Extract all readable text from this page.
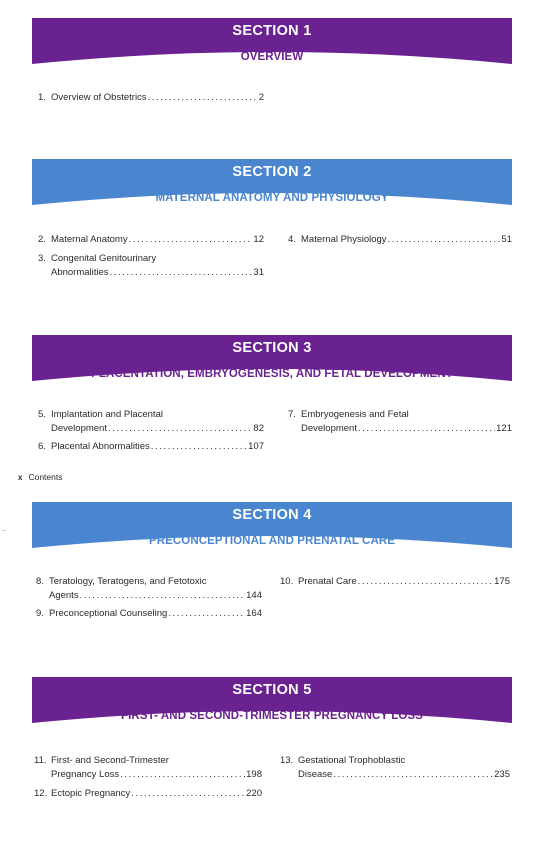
SECTION 1
OVERVIEW
1. Overview of Obstetrics .....	2
SECTION 2
MATERNAL ANATOMY AND PHYSIOLOGY
2. Maternal Anatomy .....	12
3. Congenital Genitourinary
Abnormalities .....	31
4. Maternal Physiology .....	51
SECTION 3
PLACENTATION, EMBRYOGENESIS, AND FETAL DEVELOPMENT
5. Implantation and Placental
Development .....	82
6. Placental Abnormalities .....	107
7. Embryogenesis and Fetal
Development .....	121
x Contents
–
SECTION 4
PRECONCEPTIONAL AND PRENATAL CARE
8. Teratology, Teratogens, and Fetotoxic
Agents .....	144
9. Preconceptional Counseling .....	164
10. Prenatal Care .....	175
SECTION 5
FIRST- AND SECOND-TRIMESTER PREGNANCY LOSS
11. First- and Second-Trimester
Pregnancy Loss .....	198
12. Ectopic Pregnancy .....	220
13. Gestational Trophoblastic
Disease .....	235
